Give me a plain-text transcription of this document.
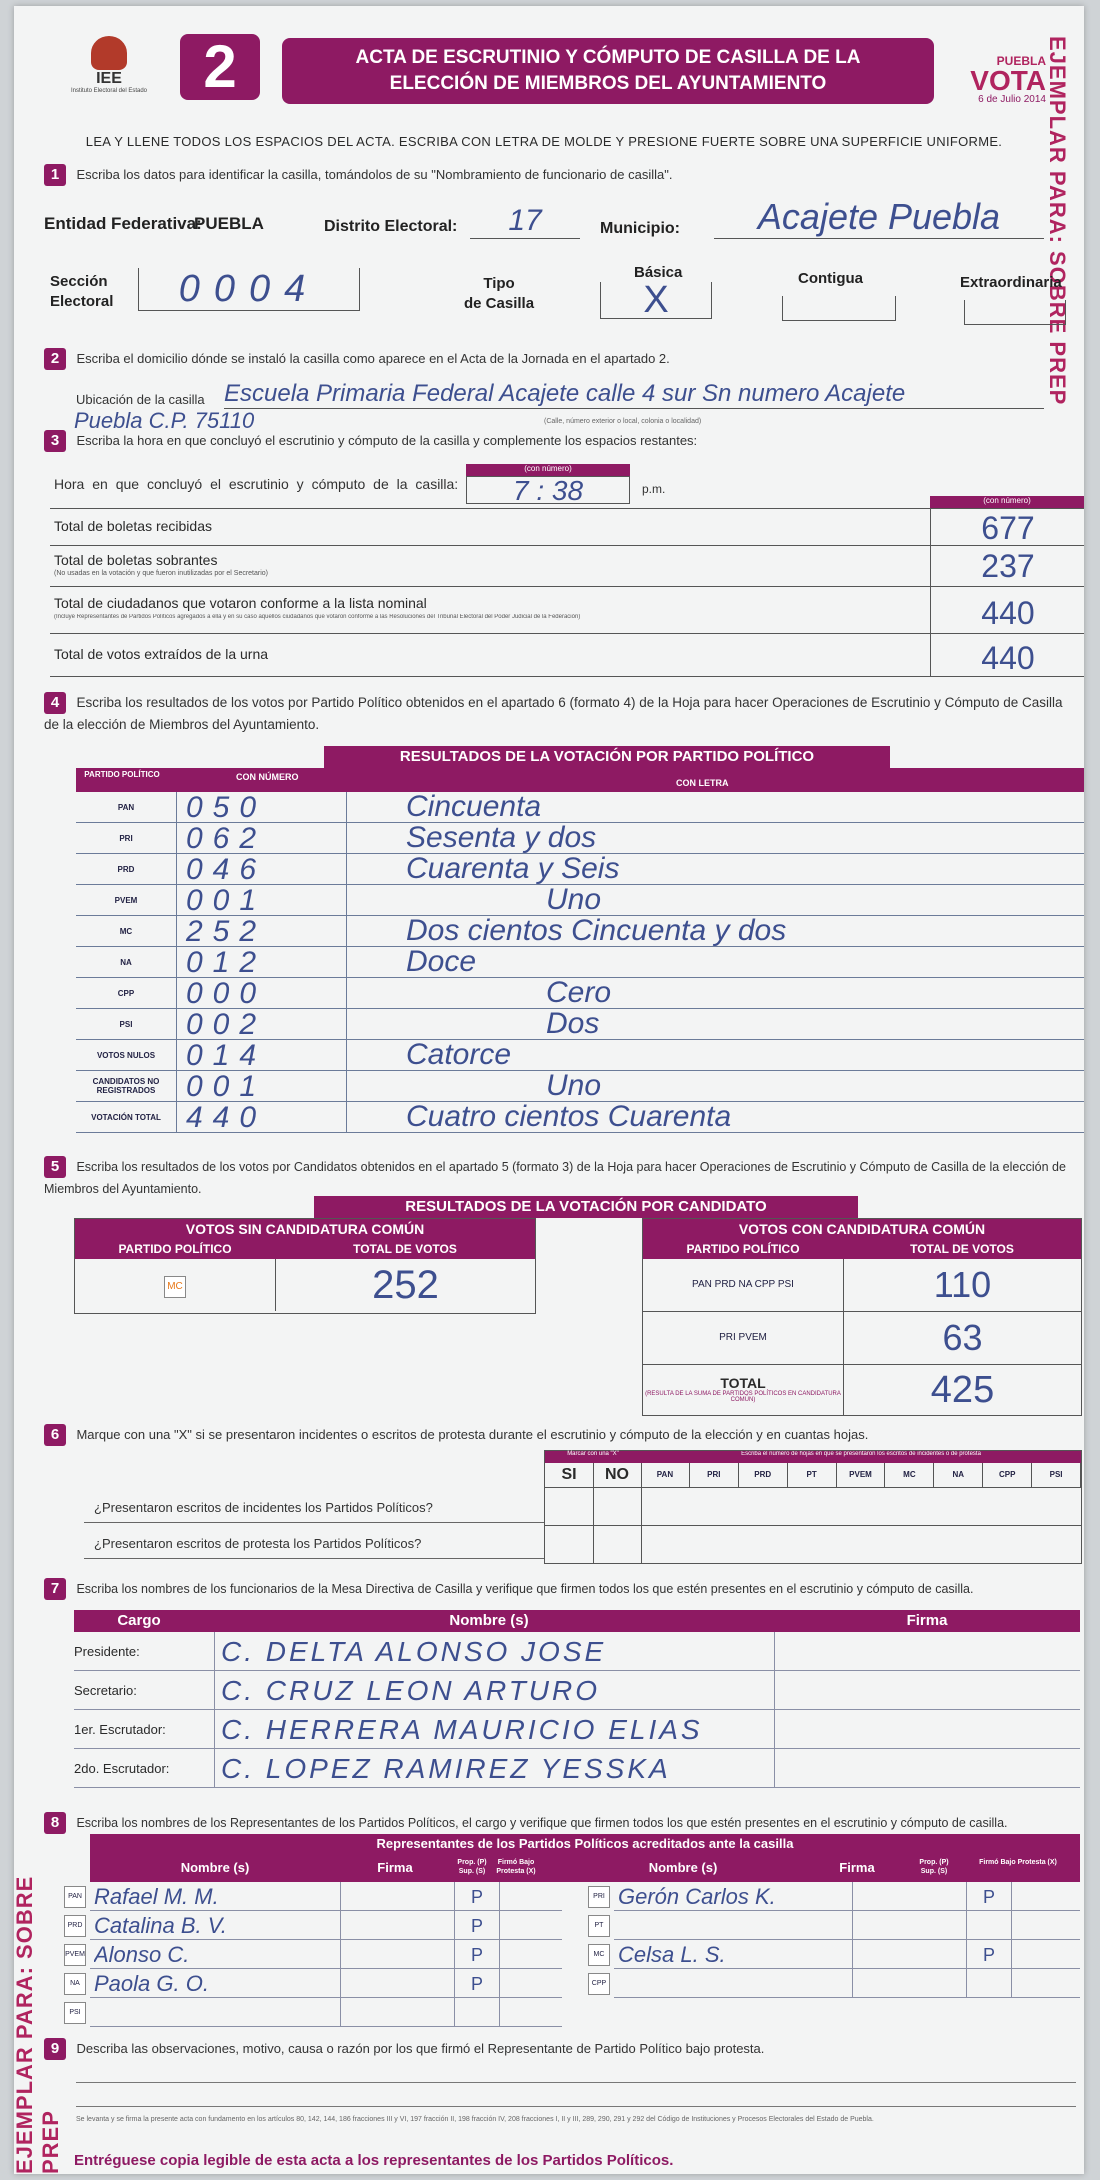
IEE
Instituto Electoral del Estado 2	ACTA DE ESCRUTINIO Y CÓMPUTO DE CASILLA DE LA
ELECCIÓN DE MIEMBROS DEL AYUNTAMIENTO
PUEBLA
VOTA
6 de Julio 2014 EJEMPLAR PARA: SOBRE PREP
EJEMPLAR PARA: SOBRE PREP
LEA Y LLENE TODOS LOS ESPACIOS DEL ACTA. ESCRIBA CON LETRA DE MOLDE Y PRESIONE FUERTE SOBRE UNA SUPERFICIE UNIFORME.
1 Escriba los datos para identificar la casilla, tomándolos de su "Nombramiento de funcionario de casilla".
Entidad Federativa:
PUEBLA	Distrito Electoral:	17	Municipio:	Acajete Puebla
Sección
Electoral	0004	Tipo
de Casilla
Básica
X
Contigua	Extraordinaria
2 Escriba el domicilio dónde se instaló la casilla como aparece en el Acta de la Jornada en el apartado 2.
Ubicación de la casilla Escuela Primaria Federal Acajete calle 4 sur Sn numero Acajete
Puebla C.P. 75110	(Calle, número exterior o local, colonia o localidad)
3 Escriba la hora en que concluyó el escrutinio y cómputo de la casilla y complemente los espacios restantes:
Hora en que concluyó el escrutinio y cómputo de la casilla:
(con número)
7 : 38	p.m.
(con número)
Total de boletas recibidas	677
Total de boletas sobrantes
(No usadas en la votación y que fueron inutilizadas por el Secretario)	237
Total de ciudadanos que votaron conforme a la lista nominal
(Incluye Representantes de Partidos Políticos agregados a ella y en su caso aquellos ciudadanos que votaron conforme a las Resoluciones del Tribunal Electoral del Poder Judicial de la Federación)	440
Total de votos extraídos de la urna	440
4 Escriba los resultados de los votos por Partido Político obtenidos en el apartado 6 (formato 4) de la Hoja para hacer Operaciones de Escrutinio y Cómputo de Casilla de la elección de Miembros del Ayuntamiento.
RESULTADOS DE LA VOTACIÓN POR PARTIDO POLÍTICO
PARTIDO POLÍTICO	CON NÚMERO
CON LETRA
PAN	050	Cincuenta
PRI	062	Sesenta y dos
PRD	046	Cuarenta y Seis
PVEM	001	Uno
MC	252	Dos cientos Cincuenta y dos
NA	012	Doce
CPP	000	Cero
PSI	002	Dos
VOTOS NULOS	014	Catorce
CANDIDATOS NO REGISTRADOS	001	Uno
VOTACIÓN TOTAL 440	Cuatro cientos Cuarenta
5 Escriba los resultados de los votos por Candidatos obtenidos en el apartado 5 (formato 3) de la Hoja para hacer Operaciones de Escrutinio y Cómputo de Casilla de la elección de Miembros del Ayuntamiento.
RESULTADOS DE LA VOTACIÓN POR CANDIDATO
VOTOS SIN CANDIDATURA COMÚN
PARTIDO POLÍTICO	TOTAL DE VOTOS
MC	252
VOTOS CON CANDIDATURA COMÚN
PARTIDO POLÍTICO	TOTAL DE VOTOS
PAN PRD NA CPP PSI	110
PRI PVEM	63
TOTAL
(RESULTA DE LA SUMA DE PARTIDOS POLÍTICOS EN CANDIDATURA COMÚN)	425
6 Marque con una "X" si se presentaron incidentes o escritos de protesta durante el escrutinio y cómputo de la elección y en cuantas hojas.
Marcar con una "X"	Escriba el número de hojas en que se presentaron los escritos de incidentes o de protesta
SI	NO	PAN	PRI	PRD	PT	PVEM	MC	NA	CPP	PSI
¿Presentaron escritos de incidentes los Partidos Políticos?
¿Presentaron escritos de protesta los Partidos Políticos?
7 Escriba los nombres de los funcionarios de la Mesa Directiva de Casilla y verifique que firmen todos los que estén presentes en el escrutinio y cómputo de casilla.
Cargo	Nombre (s)	Firma
Presidente:	C. DELTA ALONSO JOSE
Secretario:	C. CRUZ LEON ARTURO
1er. Escrutador:	C. HERRERA MAURICIO ELIAS
2do. Escrutador:	C. LOPEZ RAMIREZ YESSKA
8 Escriba los nombres de los Representantes de los Partidos Políticos, el cargo y verifique que firmen todos los que estén presentes en el escrutinio y cómputo de casilla.
Representantes de los Partidos Políticos acreditados ante la casilla
Nombre (s)	Firma	Prop. (P) Sup. (S)
Firmó Bajo Protesta (X)	Nombre (s)	Firma	Prop. (P) Sup. (S)
Firmó Bajo Protesta (X)
PAN Rafael M. M.	P
PRD Catalina B. V.	P
PVEM Alonso C.	P
NA Paola G. O.	P
PSI
PRI Gerón Carlos K.	P
PT
MC Celsa L. S.	P
CPP
9 Describa las observaciones, motivo, causa o razón por los que firmó el Representante de Partido Político bajo protesta.
Se levanta y se firma la presente acta con fundamento en los artículos 80, 142, 144, 186 fracciones III y VI, 197 fracción II, 198 fracción IV, 208 fracciones I, II y III, 289, 290, 291 y 292 del Código de Instituciones y Procesos Electorales del Estado de Puebla.
Entréguese copia legible de esta acta a los representantes de los Partidos Políticos.
